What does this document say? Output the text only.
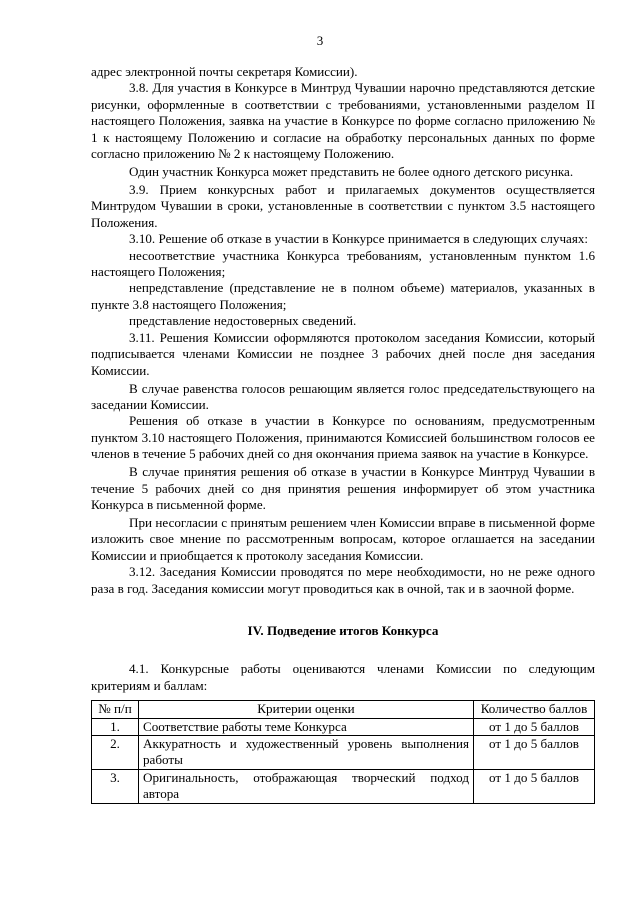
3

адрес электронной почты секретаря Комиссии).

3.8. Для участия в Конкурсе в Минтруд Чувашии нарочно представляются детские рисунки, оформленные в соответствии с требованиями, установленными разделом II настоящего Положения, заявка на участие в Конкурсе по форме согласно приложению № 1 к настоящему Положению и согласие на обработку персональных данных по форме согласно приложению № 2 к настоящему Положению.

Один участник Конкурса может представить не более одного детского рисунка.

3.9. Прием конкурсных работ и прилагаемых документов осуществляется Минтрудом Чувашии в сроки, установленные в соответствии с пунктом 3.5 настоящего Положения.

3.10. Решение об отказе в участии в Конкурсе принимается в следующих случаях:

несоответствие участника Конкурса требованиям, установленным пунктом 1.6 настоящего Положения;

непредставление (представление не в полном объеме) материалов, указанных в пункте 3.8 настоящего Положения;

представление недостоверных сведений.

3.11. Решения Комиссии оформляются протоколом заседания Комиссии, который подписывается членами Комиссии не позднее 3 рабочих дней после дня заседания Комиссии.

В случае равенства голосов решающим является голос председательствующего на заседании Комиссии.

Решения об отказе в участии в Конкурсе по основаниям, предусмотренным пунктом 3.10 настоящего Положения, принимаются Комиссией большинством голосов ее членов в течение 5 рабочих дней со дня окончания приема заявок на участие в Конкурсе.

В случае принятия решения об отказе в участии в Конкурсе Минтруд Чувашии в течение 5 рабочих дней со дня принятия решения информирует об этом участника Конкурса в письменной форме.

При несогласии с принятым решением член Комиссии вправе в письменной форме изложить свое мнение по рассмотренным вопросам, которое оглашается на заседании Комиссии и приобщается к протоколу заседания Комиссии.

3.12. Заседания Комиссии проводятся по мере необходимости, но не реже одного раза в год. Заседания комиссии могут проводиться как в очной, так и в заочной форме.

IV. Подведение итогов Конкурса

4.1. Конкурсные работы оцениваются членами Комиссии по следующим критериям и баллам:

№ п/п	Критерии оценки	Количество баллов
1.	Соответствие работы теме Конкурса	от 1 до 5 баллов
2.	Аккуратность и художественный уровень выполнения работы	от 1 до 5 баллов
3.	Оригинальность, отображающая творческий подход автора	от 1 до 5 баллов
